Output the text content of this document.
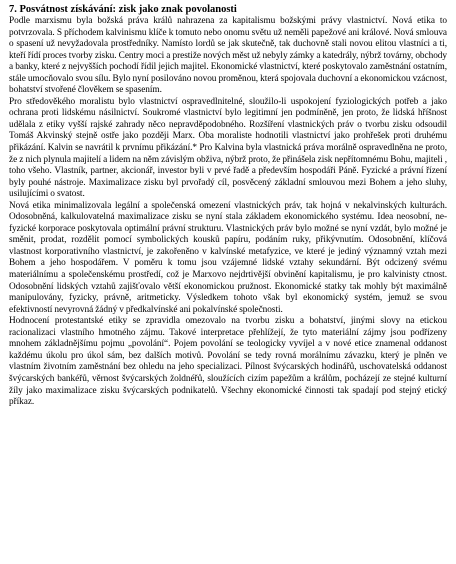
7. Posvátnost získávání: zisk jako znak povolanosti

Podle marxismu byla božská práva králů nahrazena za kapitalismu božskými právy vlastnictví. Nová etika to potvrzovala. S příchodem kalvinismu klíče k tomuto nebo onomu světu už neměli papežové ani králové. Nová smlouva o spasení už nevyžadovala prostředníky. Namísto lordů se jak skutečně, tak duchovně stali novou elitou vlastníci a ti, kteří řídí proces tvorby zisku. Centry moci a prestiže nových měst už nebyly zámky a katedrály, nýbrž továrny, obchody a banky, které z nejvyšších pochodí řídil jejich majitel. Ekonomické vlastnictví, které poskytovalo zaměstnání ostatním, stále umocňovalo svou sílu. Bylo nyní posilováno novou proměnou, která spojovala duchovní a ekonomickou vzácnost, bohatství stvořené člověkem se spasením.

Pro středověkého moralistu bylo vlastnictví ospravedlnitelné, sloužilo-li uspokojení fyziologických potřeb a jako ochrana proti lidskému násilnictví. Soukromé vlastnictví bylo legitimní jen podmíněně, jen proto, že lidská hříšnost udělala z etiky vyšší rajské zahrady něco nepravděpodobného. Rozšíření vlastnických práv o tvorbu zisku odsoudil Tomáš Akvinský stejně ostře jako později Marx. Oba moraliste hodnotili vlastnictví jako prohřešek proti druhému přikázání. Kalvin se navrátil k prvnímu přikázání.* Pro Kalvina byla vlastnická práva morálně ospravedlněna ne proto, že z nich plynula majitelí a lidem na něm závislým obživa, nýbrž proto, že přinášela zisk nepřítomnému Bohu, majiteli , toho všeho. Vlastník, partner, akcionář, investor byli v prvé řadě a především hospodáři Páně. Fyzické a právní řízení byly pouhé nástroje. Maximalizace zisku byl prvořadý cíl, posvěcený základní smlouvou mezi Bohem a jeho sluhy, usilujícími o svatost.

Nová etika minimalizovala legální a společenská omezení vlastnických práv, tak hojná v nekalvinských kulturách. Odosobněná, kalkulovatelná maximalizace zisku se nyní stala základem ekonomického systému. Idea neosobní, ne-fyzické korporace poskytovala optimální právní strukturu. Vlastnických práv bylo možné se nyní vzdát, bylo možné je směnit, prodat, rozdělit pomocí symbolických kousků papíru, podáním ruky, přikývnutím. Odosobnění, klíčová vlastnost korporativního vlastnictví, je zakořeněno v kalvínské metafyzice, ve které je jediný významný vztah mezi Bohem a jeho hospodářem. V poměru k tomu jsou vzájemné lidské vztahy sekundární. Být odcizený svému materiálnímu a společenskému prostředí, což je Marxovo nejdrtivější obvinění kapitalismu, je pro kalvinisty ctnost. Odosobnění lidských vztahů zajišťovalo větší ekonomickou pružnost. Ekonomické statky tak mohly být maximálně manipulovány, fyzicky, právně, aritmeticky. Výsledkem tohoto však byl ekonomický systém, jemuž se svou efektivností nevyrovná žádný v předkalvínské ani pokalvínské společnosti.

Hodnocení protestantské etiky se zpravidla omezovalo na tvorbu zisku a bohatství, jinými slovy na etickou racionalizaci vlastního hmotného zájmu. Takové interpretace přehlížejí, že tyto materiální zájmy jsou podřízeny mnohem základnějšímu pojmu „povolání“. Pojem povolání se teologicky vyvíjel a v nové etice znamenal oddanost každému úkolu pro úkol sám, bez dalších motivů. Povolání se tedy rovná morálnímu závazku, který je plněn ve vlastním životním zaměstnání bez ohledu na jeho specializaci. Pílnost švýcarských hodinářů, uschovatelská oddanost švýcarských bankéřů, věrnost švýcarských žoldnéřů, sloužících cizím papežům a králům, pocházejí ze stejné kulturní žíly jako maximalizace zisku švýcarských podnikatelů. Všechny ekonomické činnosti tak spadají pod stejný etický příkaz.
